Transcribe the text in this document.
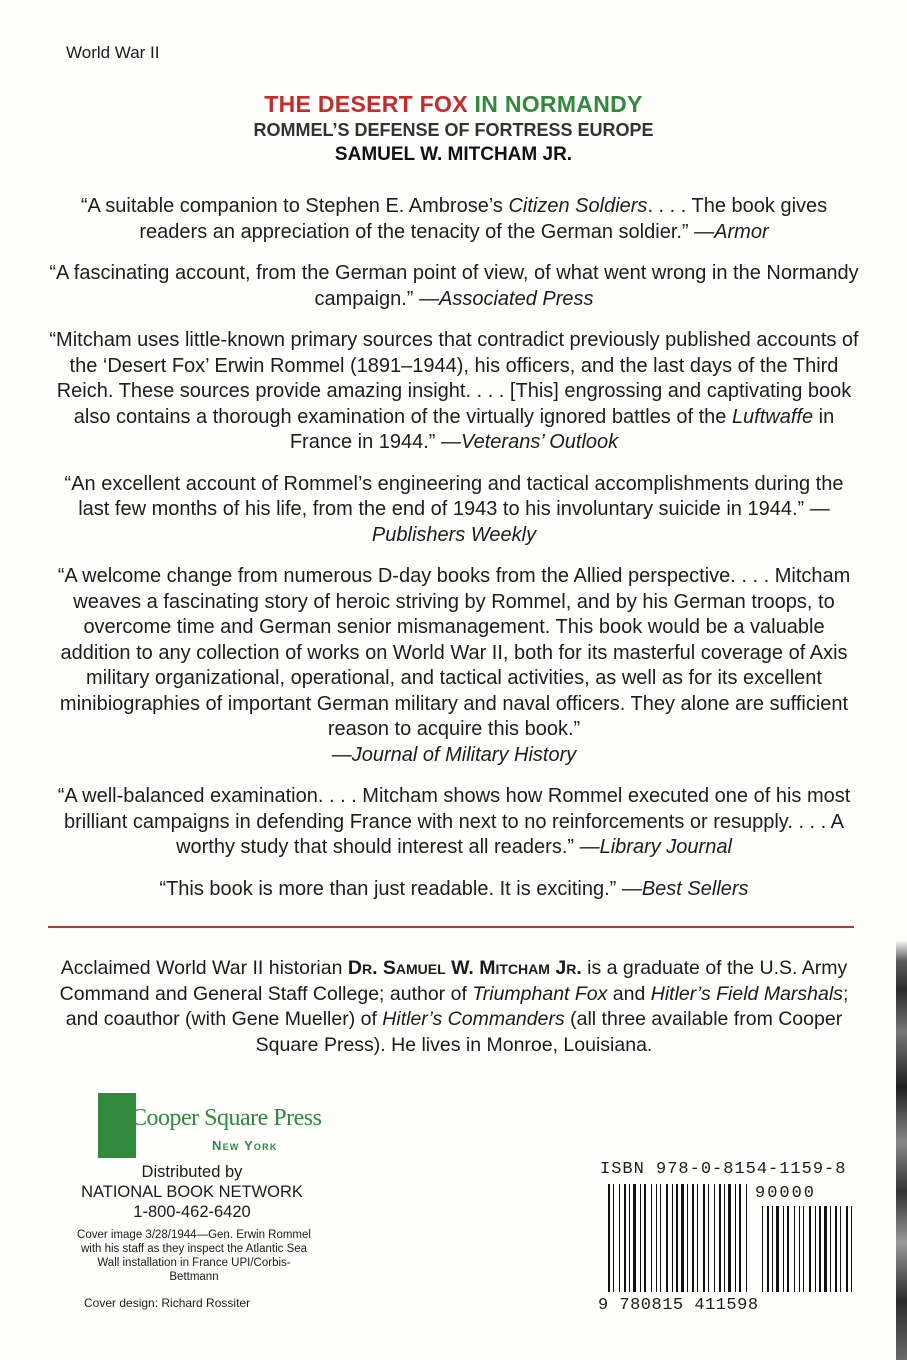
World War II
THE DESERT FOX IN NORMANDY
ROMMEL’S DEFENSE OF FORTRESS EUROPE
SAMUEL W. MITCHAM JR.

“A suitable companion to Stephen E. Ambrose’s Citizen Soldiers. . . . The book gives readers an appreciation of the tenacity of the German soldier.” —Armor

“A fascinating account, from the German point of view, of what went wrong in the Normandy campaign.” —Associated Press

“Mitcham uses little-known primary sources that contradict previously published accounts of the ‘Desert Fox’ Erwin Rommel (1891–1944), his officers, and the last days of the Third Reich. These sources provide amazing insight. . . . [This] engrossing and captivating book also contains a thorough examination of the virtually ignored battles of the Luftwaffe in France in 1944.” —Veterans’ Outlook

“An excellent account of Rommel’s engineering and tactical accomplishments during the last few months of his life, from the end of 1943 to his involuntary suicide in 1944.” —Publishers Weekly

“A welcome change from numerous D-day books from the Allied perspective. . . . Mitcham weaves a fascinating story of heroic striving by Rommel, and by his German troops, to overcome time and German senior mismanagement. This book would be a valuable addition to any collection of works on World War II, both for its masterful coverage of Axis military organizational, operational, and tactical activities, as well as for its excellent minibiographies of important German military and naval officers. They alone are sufficient reason to acquire this book.”
—Journal of Military History

“A well-balanced examination. . . . Mitcham shows how Rommel executed one of his most brilliant campaigns in defending France with next to no reinforcements or resupply. . . . A worthy study that should interest all readers.” —Library Journal

“This book is more than just readable. It is exciting.” —Best Sellers

Acclaimed World War II historian Dr. Samuel W. Mitcham Jr. is a graduate of the U.S. Army Command and General Staff College; author of Triumphant Fox and Hitler’s Field Marshals; and coauthor (with Gene Mueller) of Hitler’s Commanders (all three available from Cooper Square Press). He lives in Monroe, Louisiana.
Cooper Square Press
New York
Distributed by
NATIONAL BOOK NETWORK
1-800-462-6420
Cover image 3/28/1944—Gen. Erwin Rommel with his staff as they inspect the Atlantic Sea Wall installation in France UPI/Corbis-Bettmann
Cover design: Richard Rossiter
ISBN 978-0-8154-1159-8
90000
9 780815 411598
